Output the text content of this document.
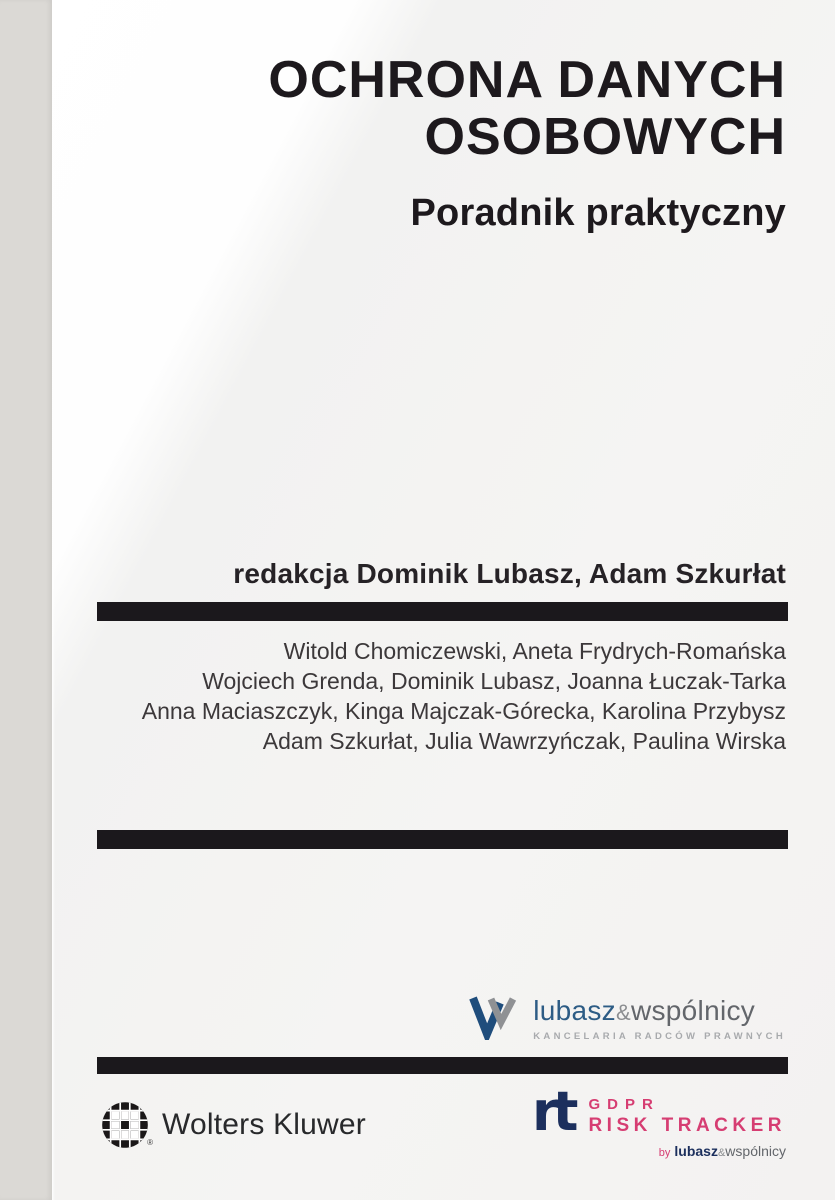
OCHRONA DANYCH
OSOBOWYCH
Poradnik praktyczny
redakcja Dominik Lubasz, Adam Szkurłat
Witold Chomiczewski, Aneta Frydrych-Romańska
Wojciech Grenda, Dominik Lubasz, Joanna Łuczak-Tarka
Anna Maciaszczyk, Kinga Majczak-Górecka, Karolina Przybysz
Adam Szkurłat, Julia Wawrzyńczak, Paulina Wirska
lubasz&wspólnicy
KANCELARIA RADCÓW PRAWNYCH
®
Wolters Kluwer	rt GDPR
RISK TRACKER
by lubasz&wspólnicy
